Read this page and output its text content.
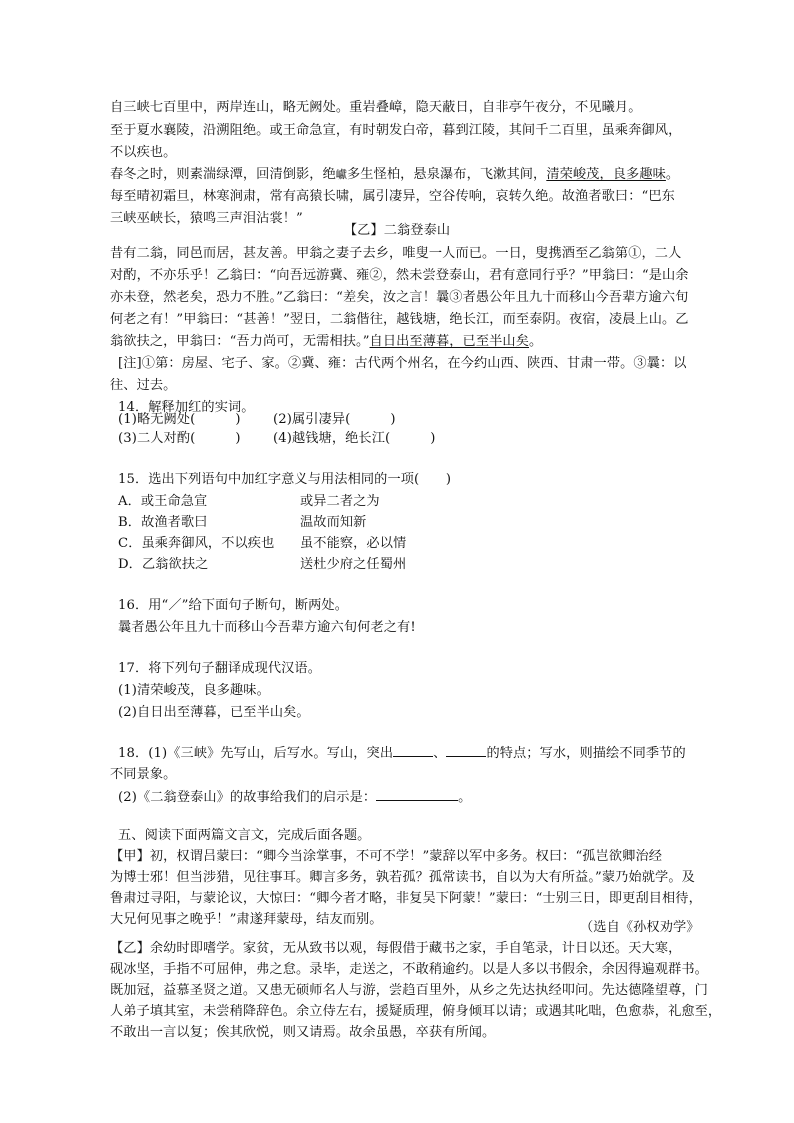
自三峡七百里中，两岸连山，略无阙处。重岩叠嶂，隐天蔽日，自非亭午夜分，不见曦月。
至于夏水襄陵，沿溯阻绝。或王命急宣，有时朝发白帝，暮到江陵，其间千二百里，虽乘奔御风，
不以疾也。
春冬之时，则素湍绿潭，回清倒影，绝巘多生怪柏，悬泉瀑布，飞漱其间，清荣峻茂，良多趣味。
每至晴初霜旦，林寒涧肃，常有高猿长啸，属引凄异，空谷传响，哀转久绝。故渔者歌曰：“巴东
三峡巫峡长，猿鸣三声泪沾裳！”
【乙】二翁登泰山
昔有二翁，同邑而居，甚友善。甲翁之妻子去乡，唯叟一人而已。一日，叟携酒至乙翁第①，二人
对酌，不亦乐乎！乙翁曰：“向吾远游冀、雍②，然未尝登泰山，君有意同行乎？”甲翁曰：“是山余
亦未登，然老矣，恐力不胜。”乙翁曰：“差矣，汝之言！曩③者愚公年且九十而移山今吾辈方逾六旬
何老之有！”甲翁曰：“甚善！”翌日，二翁偕往，越钱塘，绝长江，而至泰阴。夜宿，凌晨上山。乙
翁欲扶之，甲翁曰：“吾力尚可，无需相扶。”自日出至薄暮，已至半山矣。
[注]①第：房屋、宅子、家。②冀、雍：古代两个州名，在今约山西、陕西、甘肃一带。③曩：以
往、过去。
14．解释加红的实词。
(1)略无阙处(	) (2)属引凄异(	)
(3)二人对酌(	) (4)越钱塘，绝长江(	)
15．选出下列语句中加红字意义与用法相同的一项(　　)
A．或王命急宣	或异二者之为
B．故渔者歌曰	温故而知新
C．虽乘奔御风，不以疾也 虽不能察，必以情
D．乙翁欲扶之	送杜少府之任蜀州
16．用“／”给下面句子断句，断两处。
曩者愚公年且九十而移山今吾辈方逾六旬何老之有!
17．将下列句子翻译成现代汉语。
(1)清荣峻茂，良多趣味。
(2)自日出至薄暮，已至半山矣。
18．(1)《三峡》先写山，后写水。写山，突出	、	的特点；写水，则描绘不同季节的
不同景象。
(2)《二翁登泰山》的故事给我们的启示是：	。
五、阅读下面两篇文言文，完成后面各题。
【甲】初，权谓吕蒙曰：“卿今当涂掌事，不可不学！”蒙辞以军中多务。权曰：“孤岂欲卿治经
为博士邪！但当涉猎，见往事耳。卿言多务，孰若孤？孤常读书，自以为大有所益。”蒙乃始就学。及
鲁肃过寻阳，与蒙论议，大惊曰：“卿今者才略，非复吴下阿蒙！”蒙曰：“士别三日，即更刮目相待，
大兄何见事之晚乎！”肃遂拜蒙母，结友而别。
（选自《孙权劝学》
【乙】余幼时即嗜学。家贫，无从致书以观，每假借于藏书之家，手自笔录，计日以还。天大寒，
砚冰坚，手指不可屈伸，弗之怠。录毕，走送之，不敢稍逾约。以是人多以书假余，余因得遍观群书。
既加冠，益慕圣贤之道。又患无硕师名人与游，尝趋百里外，从乡之先达执经叩问。先达德隆望尊，门
人弟子填其室，未尝稍降辞色。余立侍左右，援疑质理，俯身倾耳以请；或遇其叱咄，色愈恭，礼愈至，
不敢出一言以复；俟其欣悦，则又请焉。故余虽愚，卒获有所闻。
